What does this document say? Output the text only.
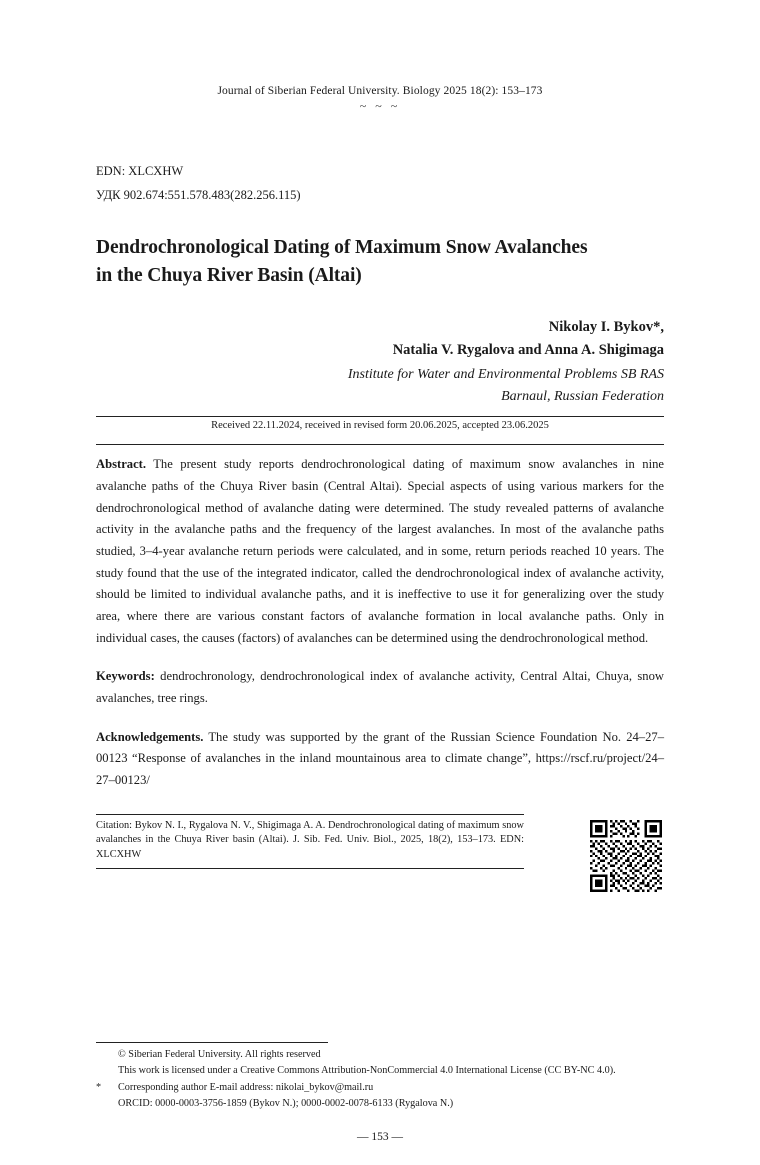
Journal of Siberian Federal University. Biology 2025 18(2): 153–173
~ ~ ~
EDN: XLCXHW
УДК 902.674:551.578.483(282.256.115)
Dendrochronological Dating of Maximum Snow Avalanches
in the Chuya River Basin (Altai)
Nikolay I. Bykov*,
Natalia V. Rygalova and Anna A. Shigimaga
Institute for Water and Environmental Problems SB RAS
Barnaul, Russian Federation
Received 22.11.2024, received in revised form 20.06.2025, accepted 23.06.2025
Abstract. The present study reports dendrochronological dating of maximum snow avalanches in nine avalanche paths of the Chuya River basin (Central Altai). Special aspects of using various markers for the dendrochronological method of avalanche dating were determined. The study revealed patterns of avalanche activity in the avalanche paths and the frequency of the largest avalanches. In most of the avalanche paths studied, 3–4-year avalanche return periods were calculated, and in some, return periods reached 10 years. The study found that the use of the integrated indicator, called the dendrochronological index of avalanche activity, should be limited to individual avalanche paths, and it is ineffective to use it for generalizing over the study area, where there are various constant factors of avalanche formation in local avalanche paths. Only in individual cases, the causes (factors) of avalanches can be determined using the dendrochronological method.
Keywords: dendrochronology, dendrochronological index of avalanche activity, Central Altai, Chuya, snow avalanches, tree rings.
Acknowledgements. The study was supported by the grant of the Russian Science Foundation No. 24–27–00123 “Response of avalanches in the inland mountainous area to climate change”, https://rscf.ru/project/24–27–00123/
Citation: Bykov N. I., Rygalova N. V., Shigimaga A. A. Dendrochronological dating of maximum snow avalanches in the Chuya River basin (Altai). J. Sib. Fed. Univ. Biol., 2025, 18(2), 153–173. EDN: XLCXHW
© Siberian Federal University. All rights reserved
This work is licensed under a Creative Commons Attribution-NonCommercial 4.0 International License (CC BY-NC 4.0).
*	Corresponding author E-mail address: nikolai_bykov@mail.ru
ORCID: 0000-0003-3756-1859 (Bykov N.); 0000-0002-0078-6133 (Rygalova N.)
— 153 —
